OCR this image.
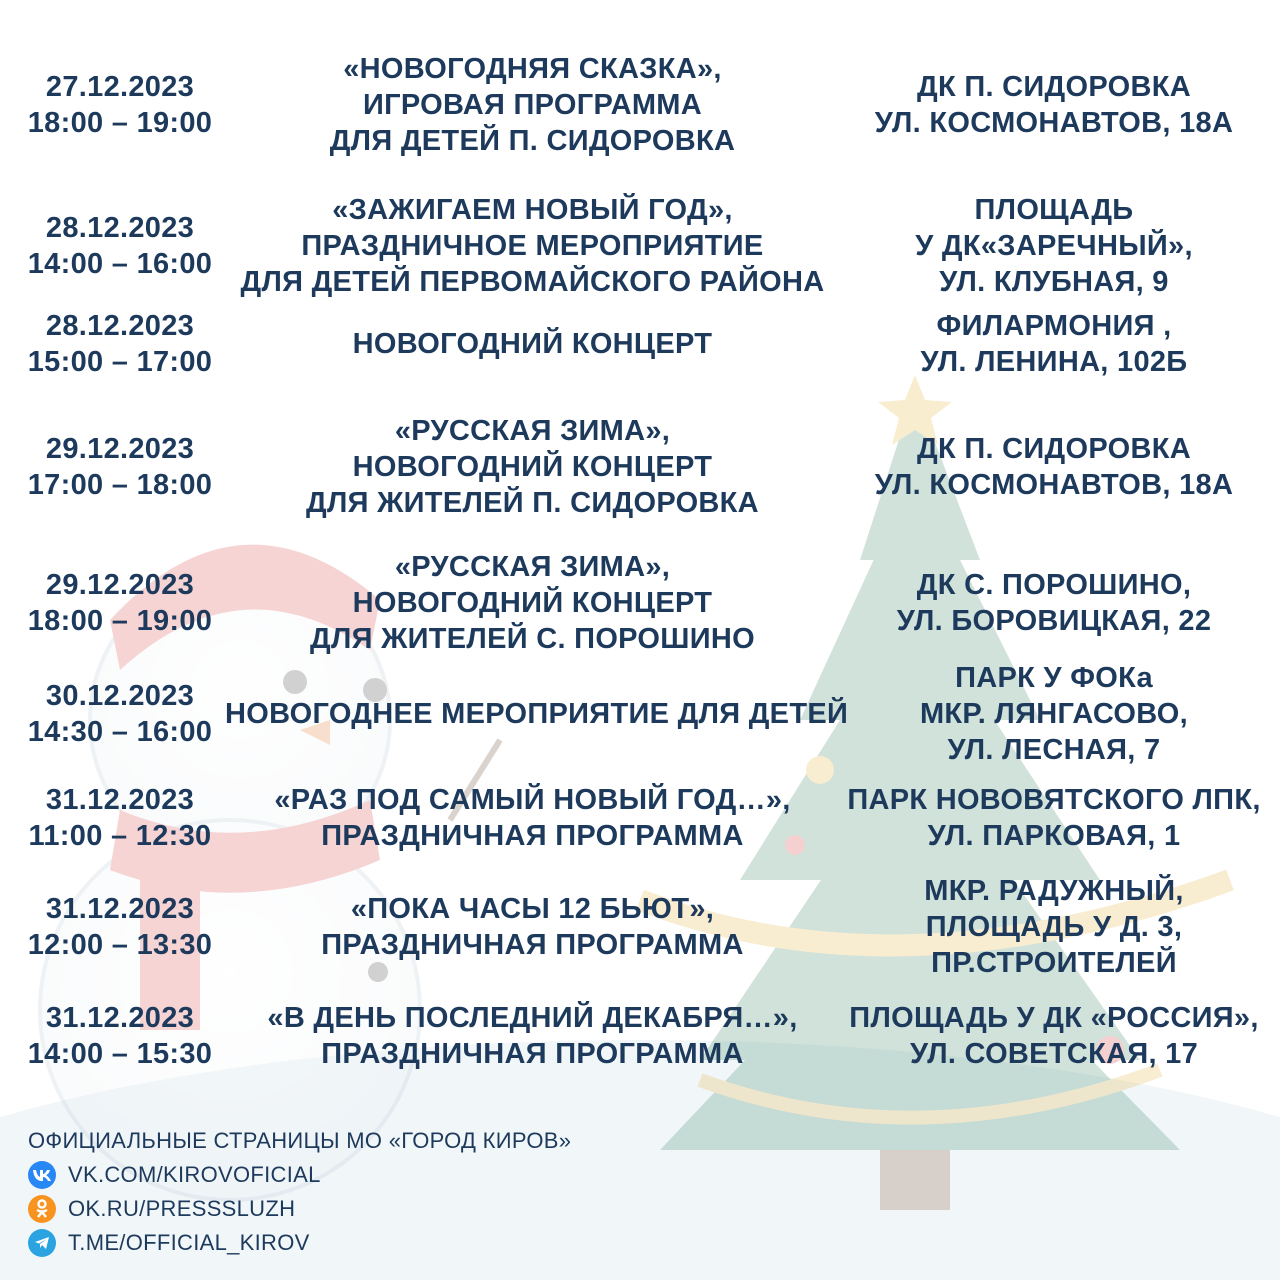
27.12.2023
18:00 – 19:00
«НОВОГОДНЯЯ СКАЗКА»,
ИГРОВАЯ ПРОГРАММА
ДЛЯ ДЕТЕЙ П. СИДОРОВКА
ДК П. СИДОРОВКА
УЛ. КОСМОНАВТОВ, 18А
28.12.2023
14:00 – 16:00
«ЗАЖИГАЕМ НОВЫЙ ГОД»,
ПРАЗДНИЧНОЕ МЕРОПРИЯТИЕ
ДЛЯ ДЕТЕЙ ПЕРВОМАЙСКОГО РАЙОНА
ПЛОЩАДЬ
У ДК«ЗАРЕЧНЫЙ»,
УЛ. КЛУБНАЯ, 9
28.12.2023
15:00 – 17:00
НОВОГОДНИЙ КОНЦЕРТ
ФИЛАРМОНИЯ ,
УЛ. ЛЕНИНА, 102Б
29.12.2023
17:00 – 18:00
«РУССКАЯ ЗИМА»,
НОВОГОДНИЙ КОНЦЕРТ
ДЛЯ ЖИТЕЛЕЙ П. СИДОРОВКА
ДК П. СИДОРОВКА
УЛ. КОСМОНАВТОВ, 18А
29.12.2023
18:00 – 19:00
«РУССКАЯ ЗИМА»,
НОВОГОДНИЙ КОНЦЕРТ
ДЛЯ ЖИТЕЛЕЙ С. ПОРОШИНО
ДК С. ПОРОШИНО,
УЛ. БОРОВИЦКАЯ, 22
30.12.2023
14:30 – 16:00
НОВОГОДНЕЕ МЕРОПРИЯТИЕ ДЛЯ ДЕТЕЙ
ПАРК У ФОКа
МКР. ЛЯНГАСОВО,
УЛ. ЛЕСНАЯ, 7
31.12.2023
11:00 – 12:30
«РАЗ ПОД САМЫЙ НОВЫЙ ГОД…»,
ПРАЗДНИЧНАЯ ПРОГРАММА
ПАРК НОВОВЯТСКОГО ЛПК,
УЛ. ПАРКОВАЯ, 1
31.12.2023
12:00 – 13:30
«ПОКА ЧАСЫ 12 БЬЮТ»,
ПРАЗДНИЧНАЯ ПРОГРАММА
МКР. РАДУЖНЫЙ,
ПЛОЩАДЬ У Д. 3,
ПР.СТРОИТЕЛЕЙ
31.12.2023
14:00 – 15:30
«В ДЕНЬ ПОСЛЕДНИЙ ДЕКАБРЯ…»,
ПРАЗДНИЧНАЯ ПРОГРАММА
ПЛОЩАДЬ У ДК «РОССИЯ»,
УЛ. СОВЕТСКАЯ, 17
ОФИЦИАЛЬНЫЕ СТРАНИЦЫ МО «ГОРОД КИРОВ»
VK.COM/KIROVOFICIAL
OK.RU/PRESSSLUZH
T.ME/OFFICIAL_KIROV
